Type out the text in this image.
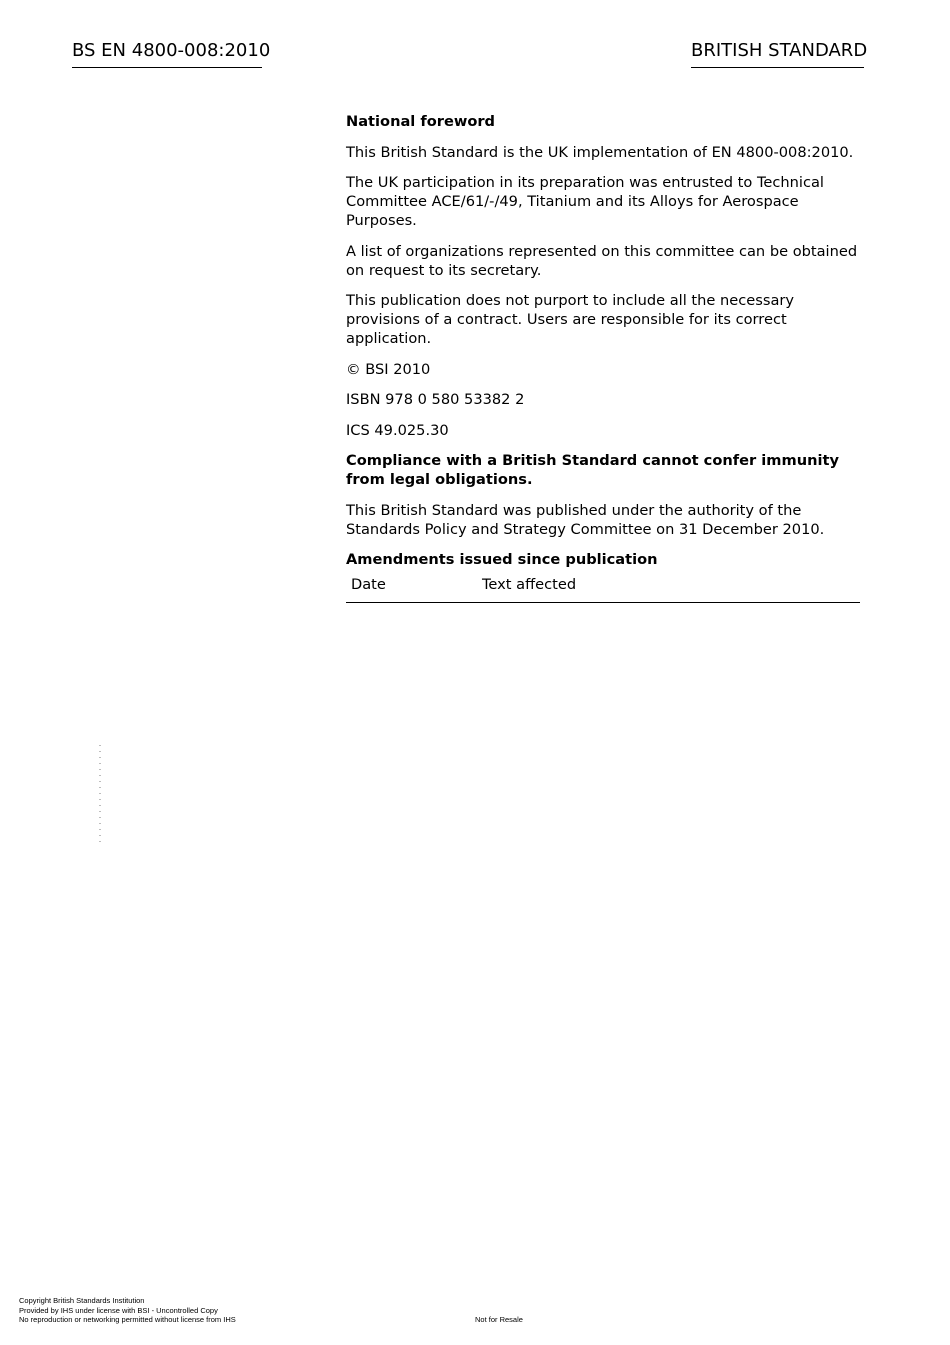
BS EN 4800-008:2010	BRITISH STANDARD

National foreword

This British Standard is the UK implementation of EN 4800-008:2010.

The UK participation in its preparation was entrusted to Technical Committee ACE/61/-/49, Titanium and its Alloys for Aerospace Purposes.

A list of organizations represented on this committee can be obtained on request to its secretary.

This publication does not purport to include all the necessary provisions of a contract. Users are responsible for its correct application.

© BSI 2010

ISBN 978 0 580 53382 2

ICS 49.025.30

Compliance with a British Standard cannot confer immunity from legal obligations.

This British Standard was published under the authority of the Standards Policy and Strategy Committee on 31 December 2010.

Amendments issued since publication
Date	Text affected
Copyright British Standards Institution
Provided by IHS under license with BSI - Uncontrolled Copy
No reproduction or networking permitted without license from IHS	Not for Resale
